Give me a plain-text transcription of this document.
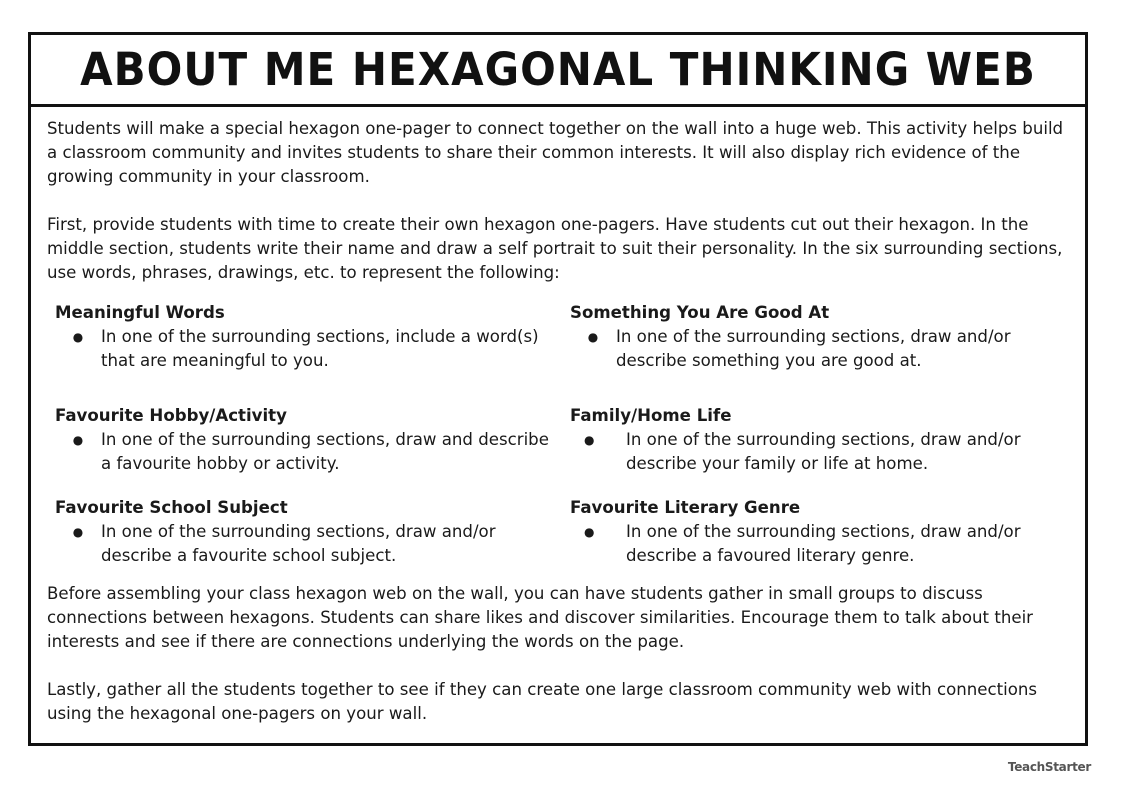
ABOUT ME HEXAGONAL THINKING WEB

Students will make a special hexagon one-pager to connect together on the wall into a huge web. This activity helps build a classroom community and invites students to share their common interests. It will also display rich evidence of the growing community in your classroom.

First, provide students with time to create their own hexagon one-pagers. Have students cut out their hexagon. In the middle section, students write their name and draw a self portrait to suit their personality. In the six surrounding sections, use words, phrases, drawings, etc. to represent the following:

Meaningful Words
●	In one of the surrounding sections, include a word(s) that are meaningful to you.
Something You Are Good At
●	In one of the surrounding sections, draw and/or describe something you are good at.
Favourite Hobby/Activity
●	In one of the surrounding sections, draw and describe a favourite hobby or activity.
Family/Home Life
●	In one of the surrounding sections, draw and/or describe your family or life at home.
Favourite School Subject
●	In one of the surrounding sections, draw and/or describe a favourite school subject.
Favourite Literary Genre
●	In one of the surrounding sections, draw and/or describe a favoured literary genre.

Before assembling your class hexagon web on the wall, you can have students gather in small groups to discuss connections between hexagons. Students can share likes and discover similarities. Encourage them to talk about their interests and see if there are connections underlying the words on the page.

Lastly, gather all the students together to see if they can create one large classroom community web with connections using the hexagonal one-pagers on your wall.

TeachStarter
